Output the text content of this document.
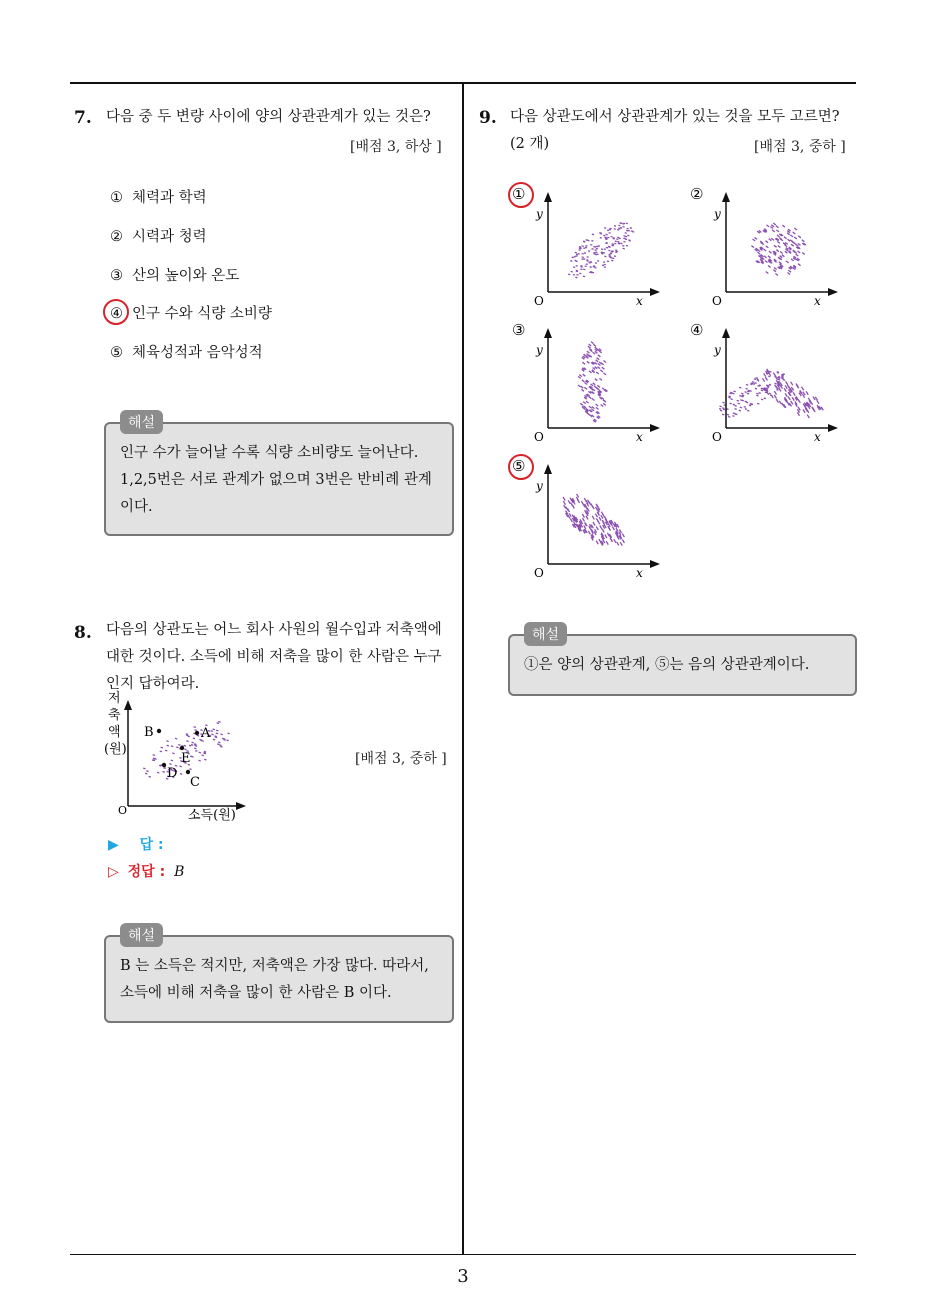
3
7. 다음 중 두 변량 사이에 양의 상관관계가 있는 것은?
[배점 3, 하상 ]
① 체력과 학력
② 시력과 청력
③ 산의 높이와 온도
④ 인구 수와 식량 소비량
⑤ 체육성적과 음악성적
해설
인구 수가 늘어날 수록 식량 소비량도 늘어난다.
1,2,5번은 서로 관계가 없으며 3번은 반비례 관계
이다.
8. 다음의 상관도는 어느 회사 사원의 월수입과 저축액에
대한 것이다. 소득에 비해 저축을 많이 한 사람은 누구
인지 답하여라.
[배점 3, 중하 ]
저
축
액
(원)
O	소득(원)
B	A
E
D
C
▶ 답 :
▷ 정답 : B
해설
B 는 소득은 적지만, 저축액은 가장 많다. 따라서,
소득에 비해 저축을 많이 한 사람은 B 이다.
9. 다음 상관도에서 상관관계가 있는 것을 모두 고르면?
(2 개)	[배점 3, 중하 ]
①
y
x
O
②
y
x
O
③
y
x
O
④
y
x
O
⑤
y
x
O
해설
①은 양의 상관관계, ⑤는 음의 상관관계이다.
